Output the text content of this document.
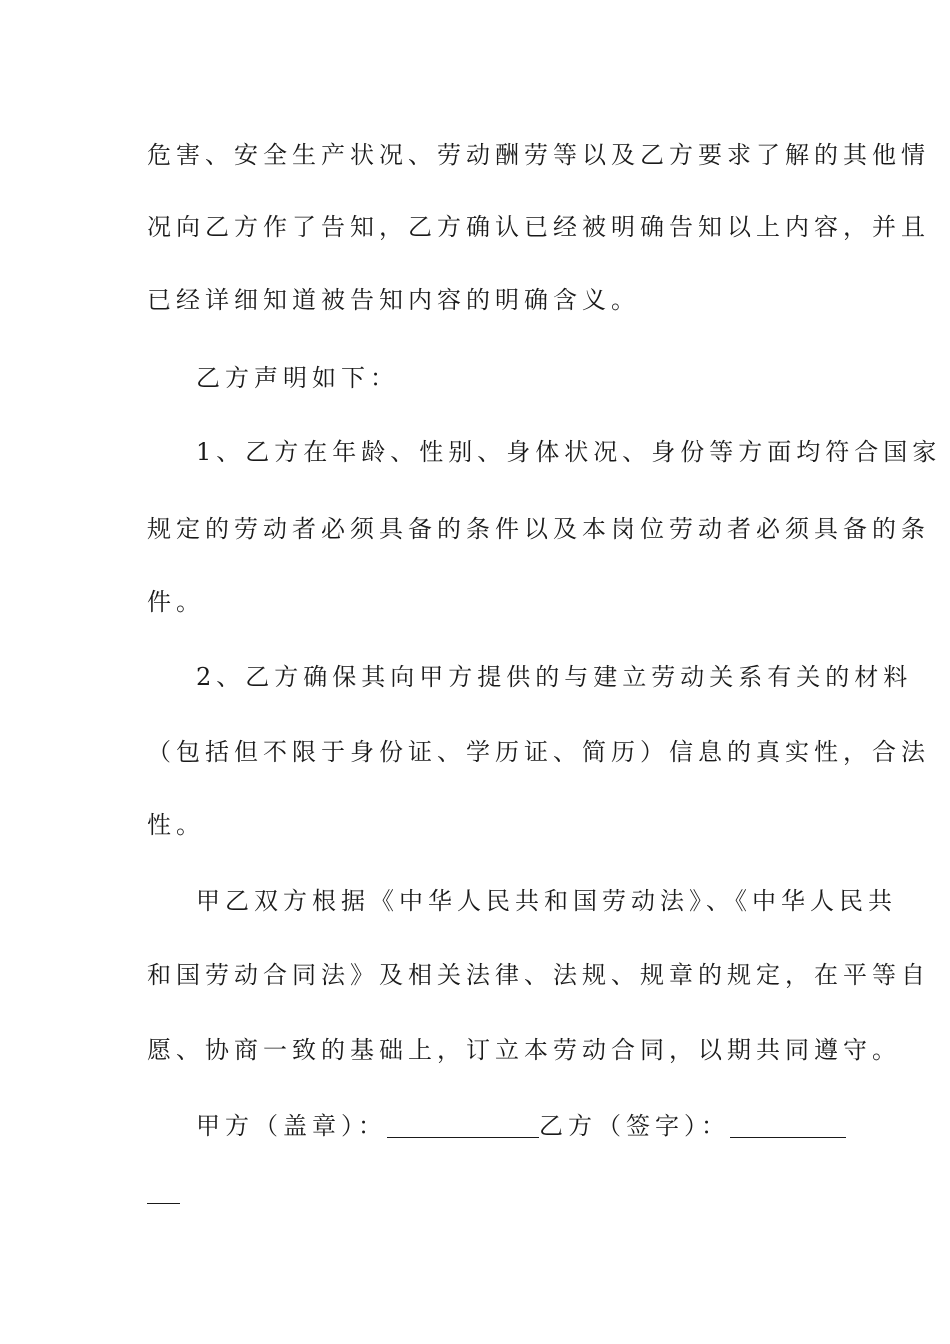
危害、安全生产状况、劳动酬劳等以及乙方要求了解的其他情
况向乙方作了告知，乙方确认已经被明确告知以上内容，并且
已经详细知道被告知内容的明确含义。
乙方声明如下：
1、乙方在年龄、性别、身体状况、身份等方面均符合国家
规定的劳动者必须具备的条件以及本岗位劳动者必须具备的条
件。
2、乙方确保其向甲方提供的与建立劳动关系有关的材料
（包括但不限于身份证、学历证、简历）信息的真实性，合法
性。
甲乙双方根据《中华人民共和国劳动法》、《中华人民共
和国劳动合同法》及相关法律、法规、规章的规定，在平等自
愿、协商一致的基础上，订立本劳动合同，以期共同遵守。
甲方（盖章）：	乙方（签字）：
